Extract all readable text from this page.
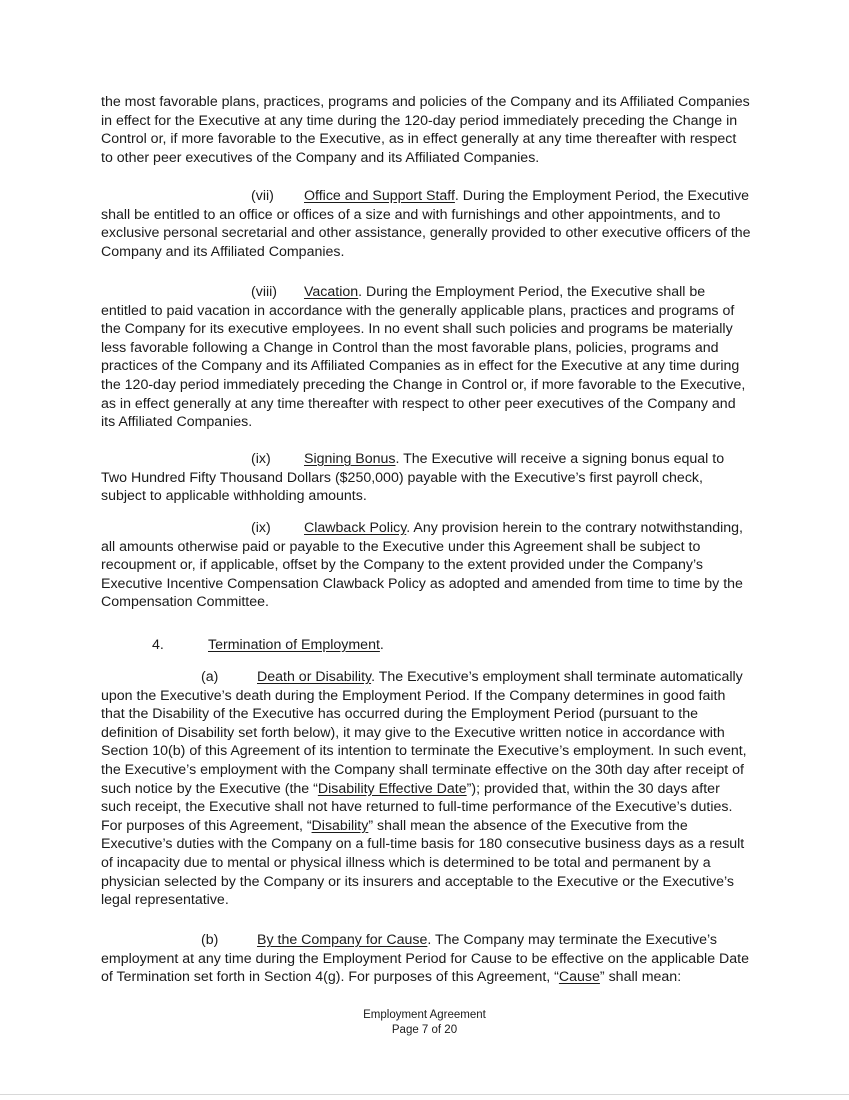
the most favorable plans, practices, programs and policies of the Company and its Affiliated Companies in effect for the Executive at any time during the 120-day period immediately preceding the Change in Control or, if more favorable to the Executive, as in effect generally at any time thereafter with respect to other peer executives of the Company and its Affiliated Companies.

(vii) Office and Support Staff. During the Employment Period, the Executive shall be entitled to an office or offices of a size and with furnishings and other appointments, and to exclusive personal secretarial and other assistance, generally provided to other executive officers of the Company and its Affiliated Companies.

(viii) Vacation. During the Employment Period, the Executive shall be entitled to paid vacation in accordance with the generally applicable plans, practices and programs of the Company for its executive employees. In no event shall such policies and programs be materially less favorable following a Change in Control than the most favorable plans, policies, programs and practices of the Company and its Affiliated Companies as in effect for the Executive at any time during the 120-day period immediately preceding the Change in Control or, if more favorable to the Executive, as in effect generally at any time thereafter with respect to other peer executives of the Company and its Affiliated Companies.

(ix) Signing Bonus. The Executive will receive a signing bonus equal to Two Hundred Fifty Thousand Dollars ($250,000) payable with the Executive’s first payroll check, subject to applicable withholding amounts.

(ix) Clawback Policy. Any provision herein to the contrary notwithstanding, all amounts otherwise paid or payable to the Executive under this Agreement shall be subject to recoupment or, if applicable, offset by the Company to the extent provided under the Company’s Executive Incentive Compensation Clawback Policy as adopted and amended from time to time by the Compensation Committee.

4.	Termination of Employment.

(a)	Death or Disability. The Executive’s employment shall terminate automatically upon the Executive’s death during the Employment Period. If the Company determines in good faith that the Disability of the Executive has occurred during the Employment Period (pursuant to the definition of Disability set forth below), it may give to the Executive written notice in accordance with Section 10(b) of this Agreement of its intention to terminate the Executive’s employment. In such event, the Executive’s employment with the Company shall terminate effective on the 30th day after receipt of such notice by the Executive (the “Disability Effective Date”); provided that, within the 30 days after such receipt, the Executive shall not have returned to full-time performance of the Executive’s duties. For purposes of this Agreement, “Disability” shall mean the absence of the Executive from the Executive’s duties with the Company on a full-time basis for 180 consecutive business days as a result of incapacity due to mental or physical illness which is determined to be total and permanent by a physician selected by the Company or its insurers and acceptable to the Executive or the Executive’s legal representative.

(b)	By the Company for Cause. The Company may terminate the Executive’s employment at any time during the Employment Period for Cause to be effective on the applicable Date of Termination set forth in Section 4(g). For purposes of this Agreement, “Cause” shall mean:

Employment Agreement
Page 7 of 20
